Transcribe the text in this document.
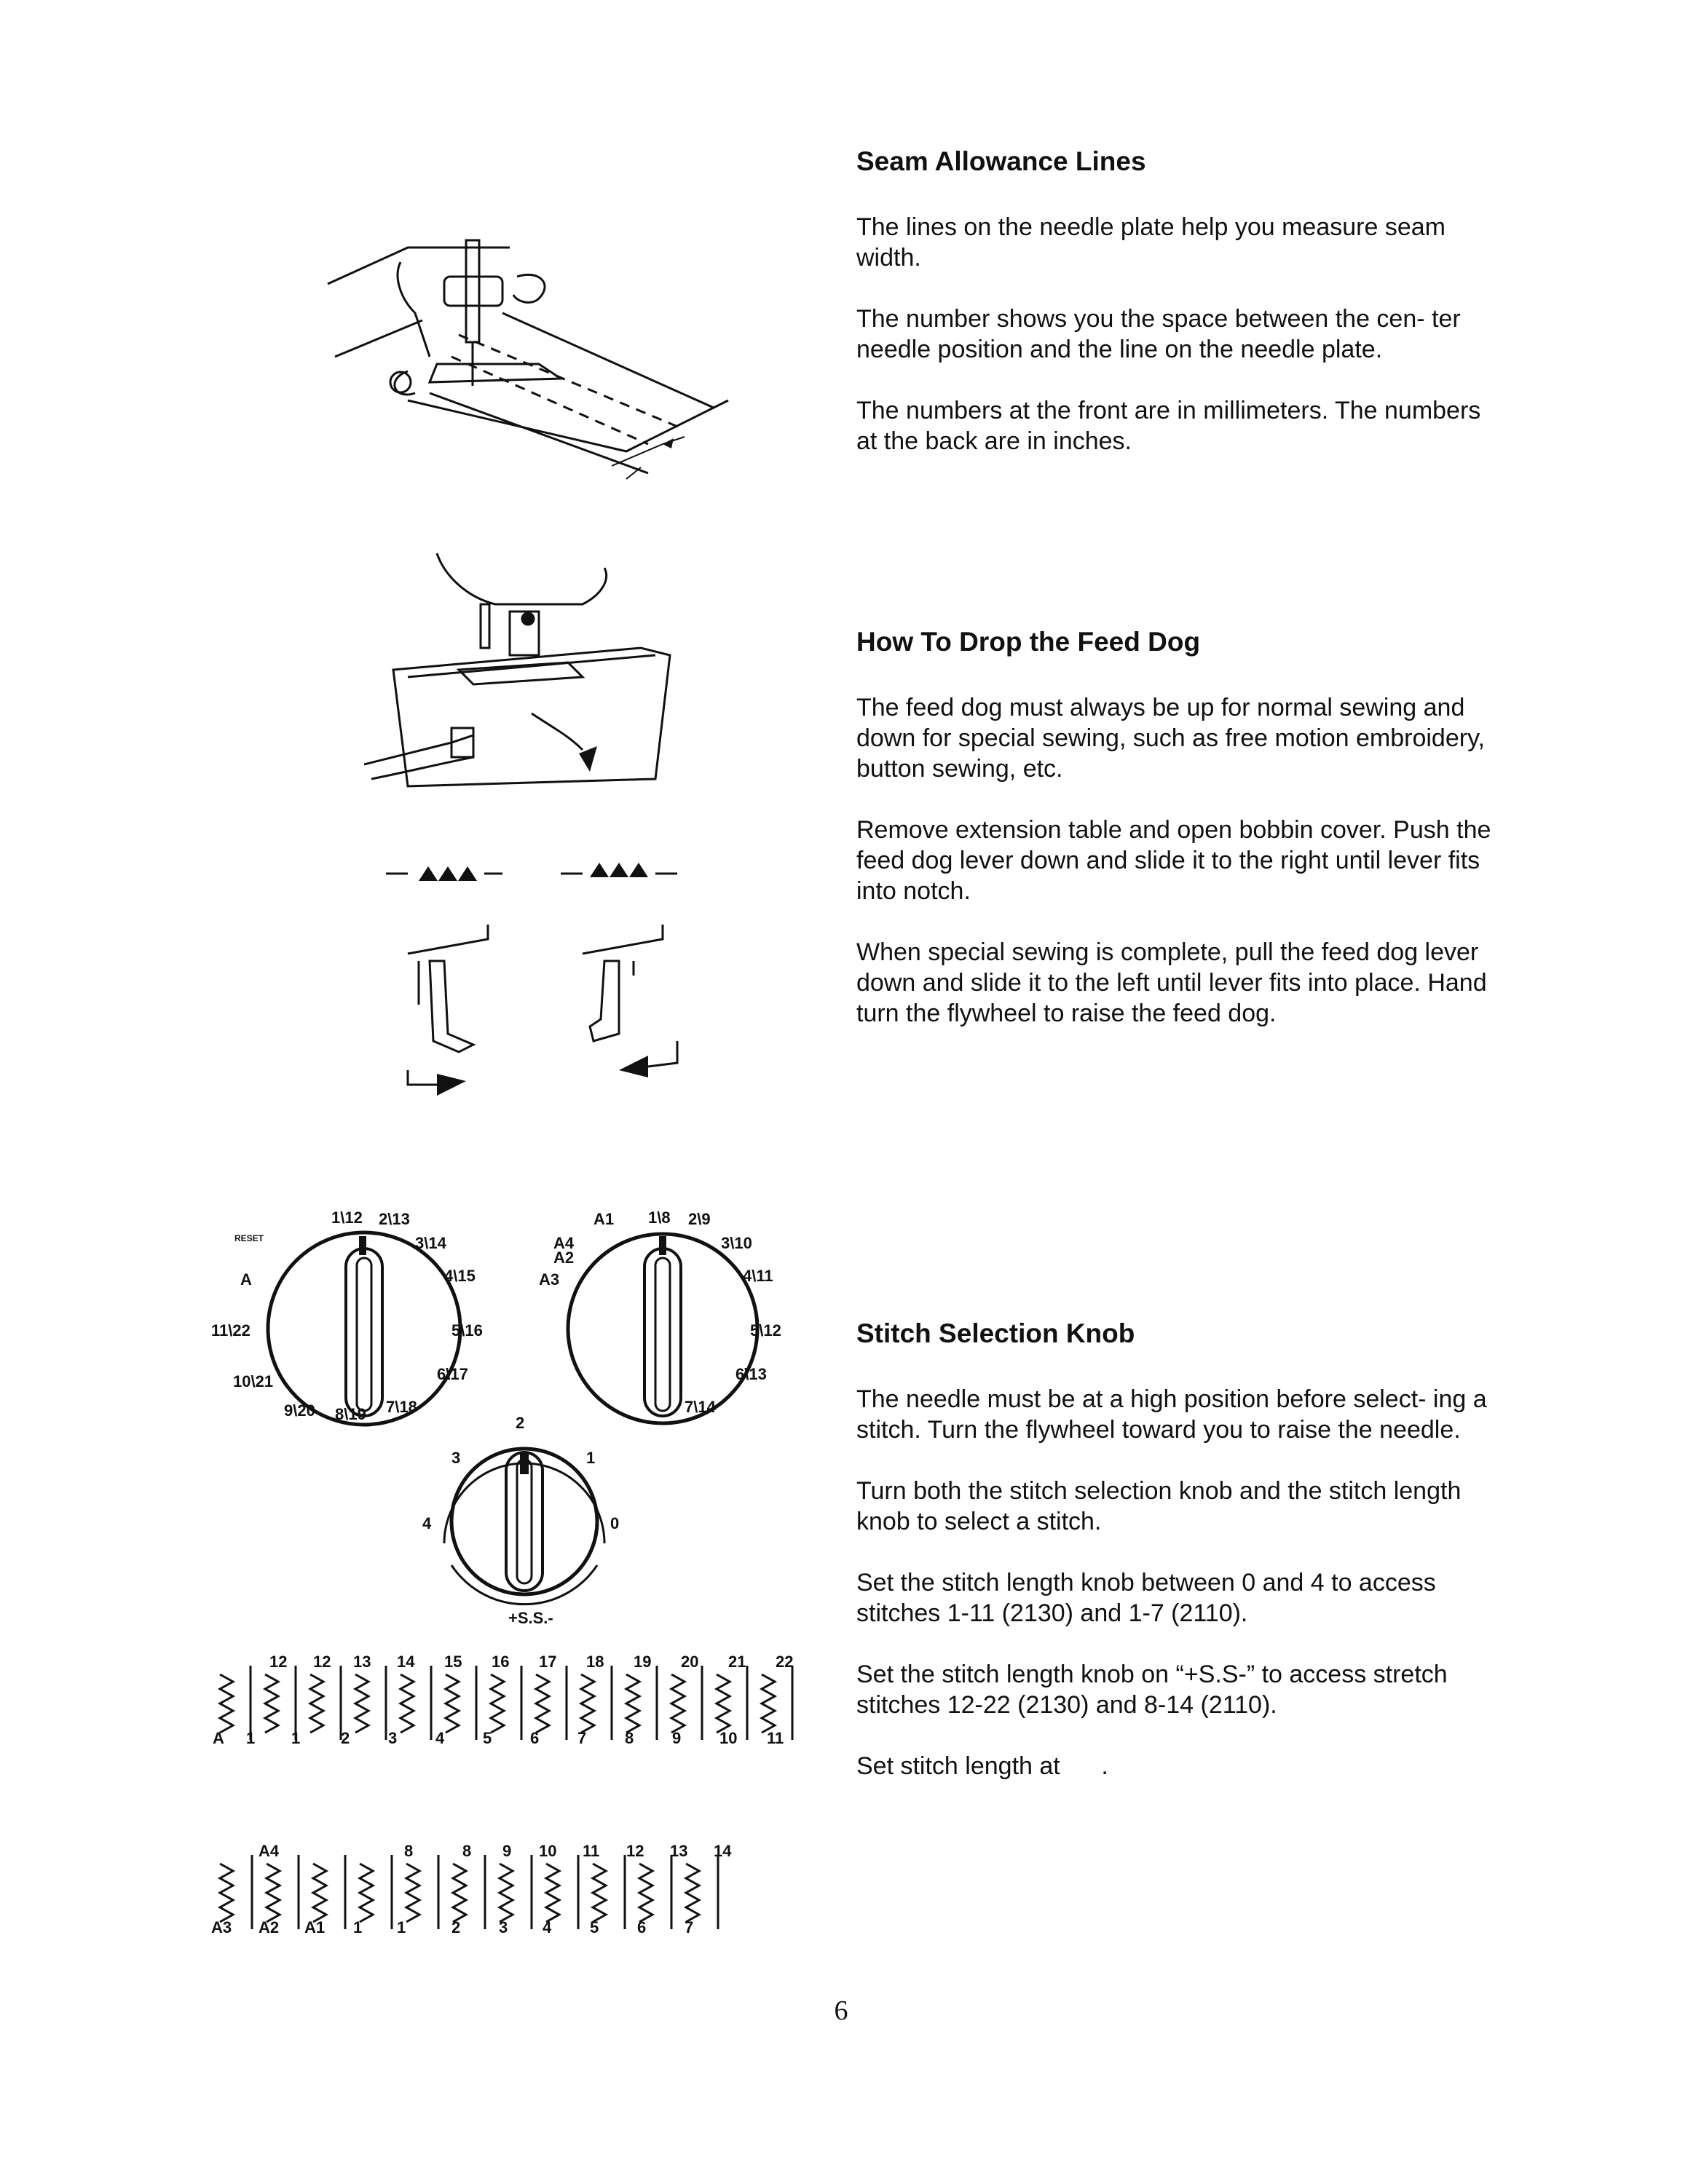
Seam Allowance Lines

The lines on the needle plate help you measure seam width.

The number shows you the space between the cen- ter needle position and the line on the needle plate.

The numbers at the front are in millimeters. The numbers at the back are in inches.

How To Drop the Feed Dog

The feed dog must always be up for normal sewing and down for special sewing, such as free motion embroidery, button sewing, etc.

Remove extension table and open bobbin cover. Push the feed dog lever down and slide it to the right until lever fits into notch.

When special sewing is complete, pull the feed dog lever down and slide it to the left until lever fits into place. Hand turn the flywheel to raise the feed dog.

Stitch Selection Knob

The needle must be at a high position before select- ing a stitch. Turn the flywheel toward you to raise the needle.

Turn both the stitch selection knob and the stitch length knob to select a stitch.

Set the stitch length knob between 0 and 4 to access stitches 1-11 (2130) and 1-7 (2110).

Set the stitch length knob on “+S.S-” to access stretch stitches 12-22 (2130) and 8-14 (2110).

Set stitch length at      .

1\12 2\13
3\14
4\15
5\16
6\17
7\18
8\19
9\20
10\21
11\22
RESET
A
1\8 2\9
3\10
4\11
5\12
6\13
7\14
A1
A2
A3
A4
2
3	1
4	0
+S.S.-
12 12 13 14 15 16 17 18 19 20 21 22
A 1 1	2 3 4 5 6 7 8 9 10 11
A4	8	8 9 10 11 12 13 14
A3 A2 A1 1 1	2 3 4 5 6 7
6
